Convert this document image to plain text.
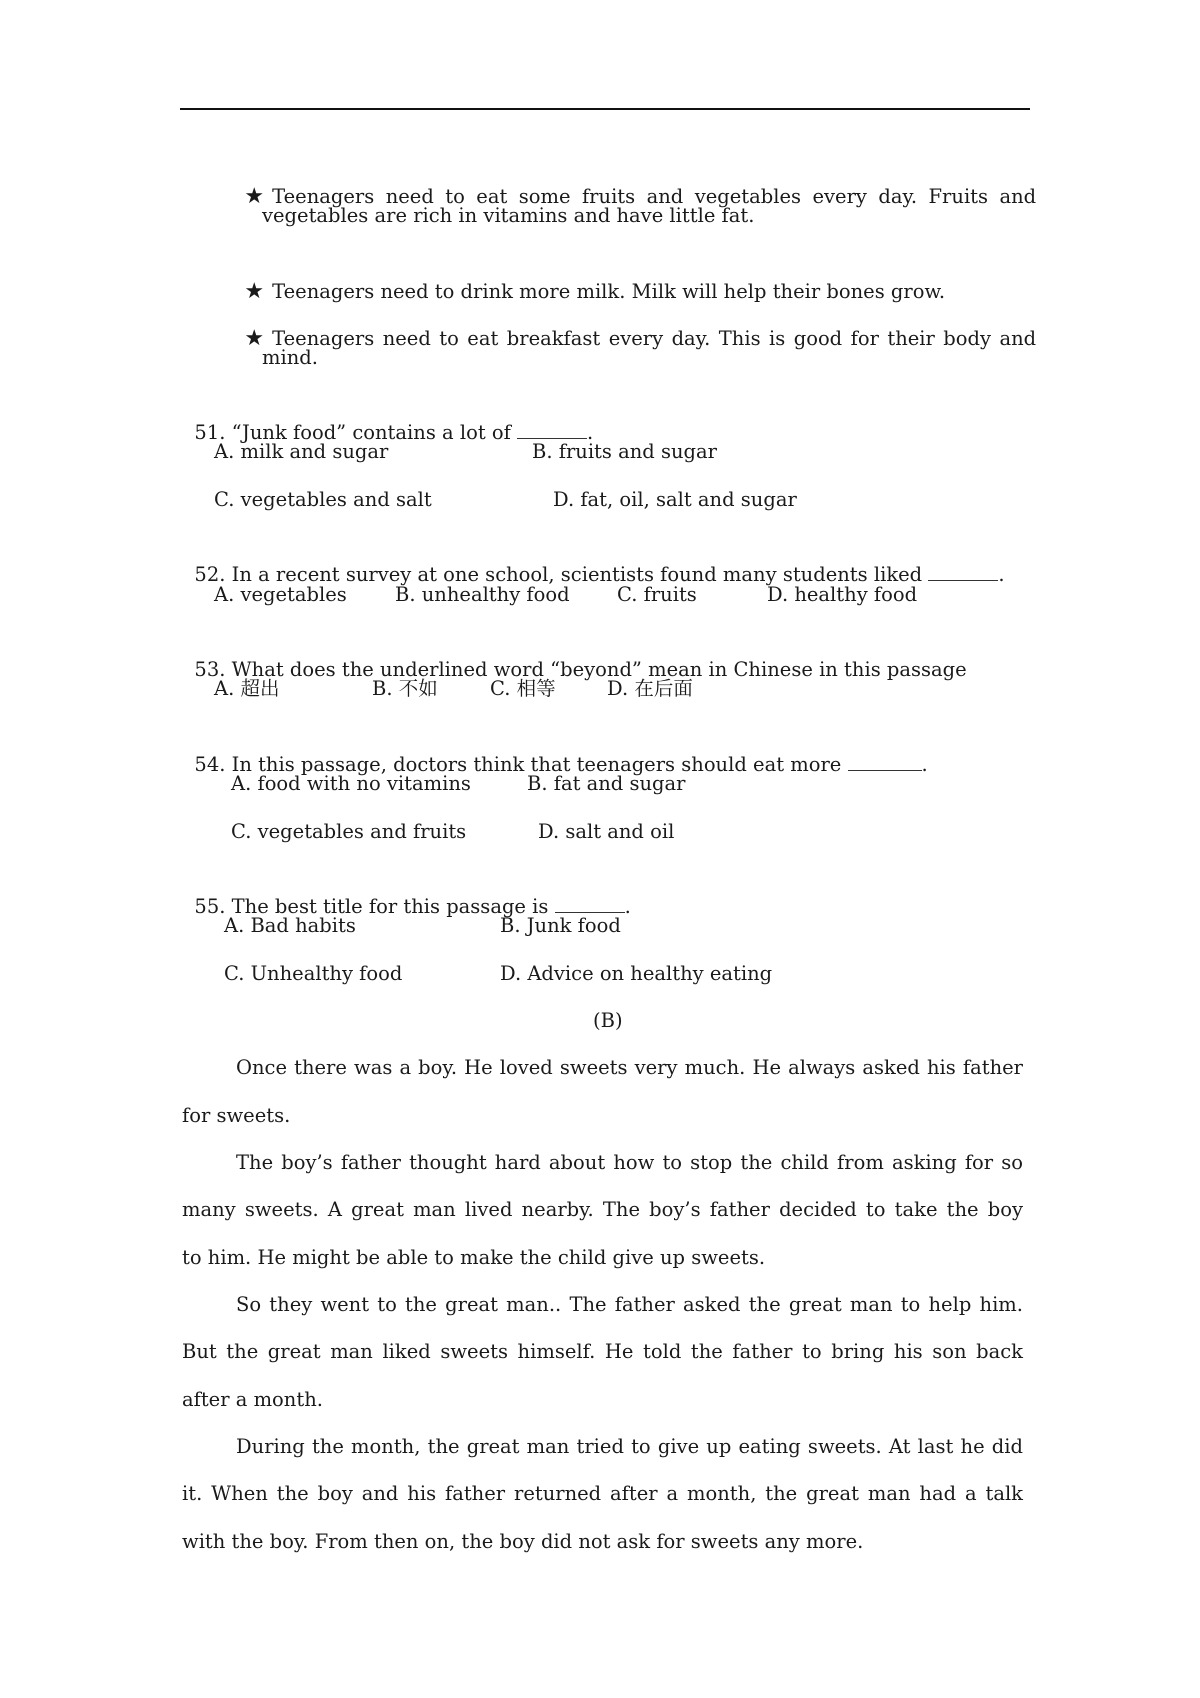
★ Teenagers need to eat some fruits and vegetables every day. Fruits and

vegetables are rich in vitamins and have little fat.

★ Teenagers need to drink more milk. Milk will help their bones grow.

★ Teenagers need to eat breakfast every day. This is good for their body and

mind.

51. “Junk food” contains a lot of	.

A. milk and sugar	B. fruits and sugar
C. vegetables and salt	D. fat, oil, salt and sugar

52. In a recent survey at one school, scientists found many students liked	.

A. vegetables B. unhealthy food C. fruits	D. healthy food

53. What does the underlined word “beyond” mean in Chinese in this passage

A. 超出	B. 不如	C. 相等	D. 在后面

54. In this passage, doctors think that teenagers should eat more	.

A. food with no vitamins	B. fat and sugar
C. vegetables and fruits	D. salt and oil

55. The best title for this passage is	.

A. Bad habits	B. Junk food
C. Unhealthy food	D. Advice on healthy eating
(B)
Once there was a boy. He loved sweets very much. He always asked his father
for sweets.
The boy’s father thought hard about how to stop the child from asking for so
many sweets. A great man lived nearby. The boy’s father decided to take the boy
to him. He might be able to make the child give up sweets.
So they went to the great man.. The father asked the great man to help him.
But the great man liked sweets himself. He told the father to bring his son back
after a month.
During the month, the great man tried to give up eating sweets. At last he did
it. When the boy and his father returned after a month, the great man had a talk
with the boy. From then on, the boy did not ask for sweets any more.
